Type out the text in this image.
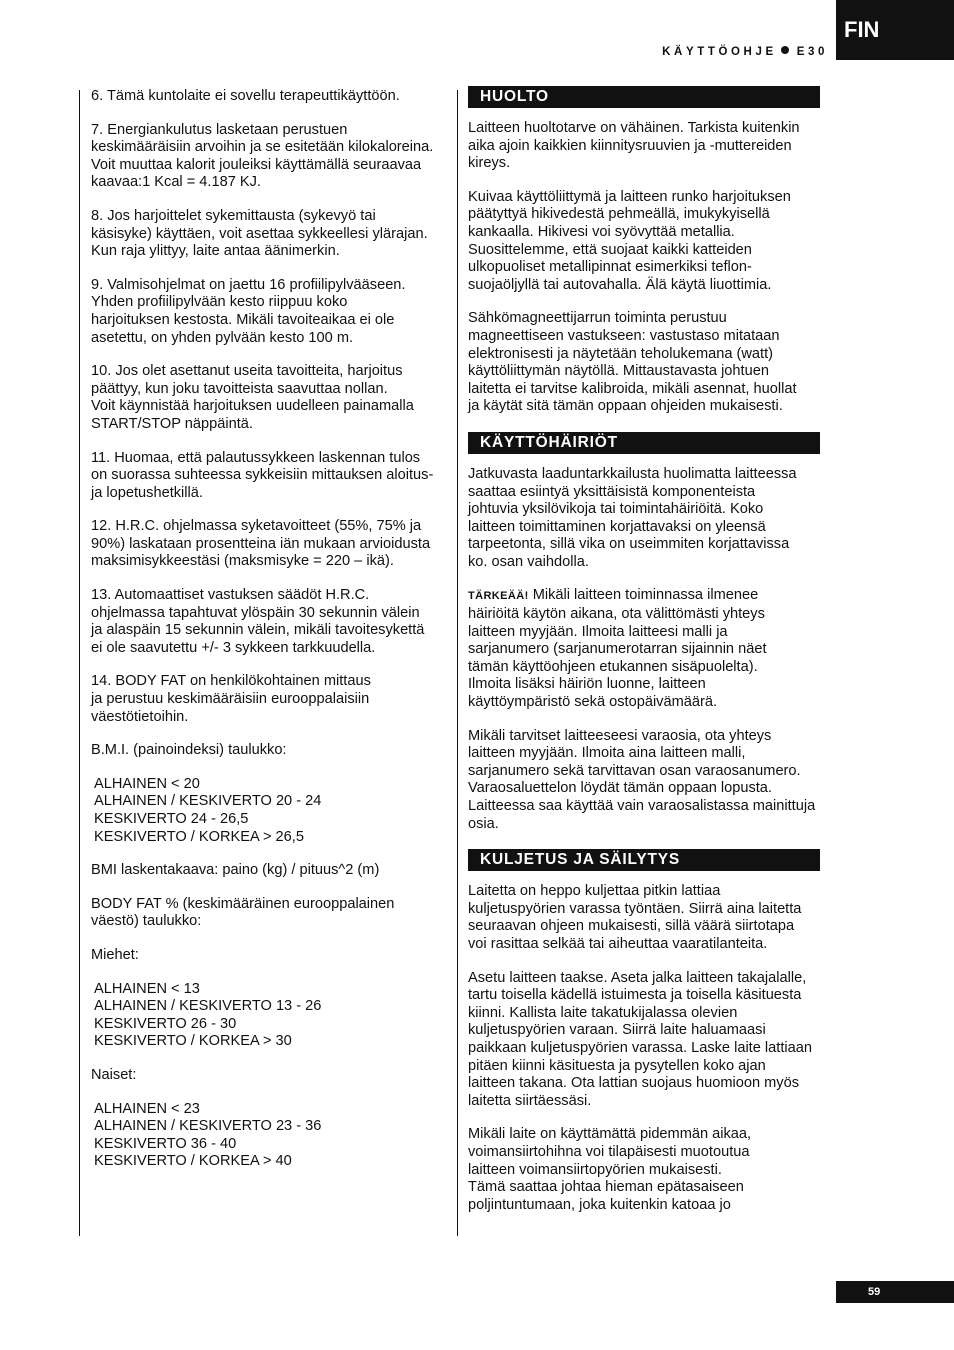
FIN
KÄYTTÖOHJE E30

6. Tämä kuntolaite ei sovellu terapeuttikäyttöön.

7. Energiankulutus lasketaan perustuen
keskimääräisiin arvoihin ja se esitetään kilokaloreina.
Voit muuttaa kalorit jouleiksi käyttämällä seuraavaa
kaavaa:1 Kcal = 4.187 KJ.

8. Jos harjoittelet sykemittausta (sykevyö tai
käsisyke) käyttäen, voit asettaa sykkeellesi ylärajan.
Kun raja ylittyy, laite antaa äänimerkin.

9. Valmisohjelmat on jaettu 16 profiilipylvääseen.
Yhden profiilipylvään kesto riippuu koko
harjoituksen kestosta. Mikäli tavoiteaikaa ei ole
asetettu, on yhden pylvään kesto 100 m.

10. Jos olet asettanut useita tavoitteita, harjoitus
päättyy, kun joku tavoitteista saavuttaa nollan.
Voit käynnistää harjoituksen uudelleen painamalla
START/STOP näppäintä.

11. Huomaa, että palautussykkeen laskennan tulos
on suorassa suhteessa sykkeisiin mittauksen aloitus-
ja lopetushetkillä.

12. H.R.C. ohjelmassa syketavoitteet (55%, 75% ja
90%) laskataan prosentteina iän mukaan arvioidusta
maksimisykkeestäsi (maksmisyke = 220 – ikä).

13. Automaattiset vastuksen säädöt H.R.C.
ohjelmassa tapahtuvat ylöspäin 30 sekunnin välein
ja alaspäin 15 sekunnin välein, mikäli tavoitesykettä
ei ole saavutettu +/- 3 sykkeen tarkkuudella.

14. BODY FAT on henkilökohtainen mittaus
ja perustuu keskimääräisiin eurooppalaisiin
väestötietoihin.

B.M.I. (painoindeksi) taulukko:

ALHAINEN < 20
ALHAINEN / KESKIVERTO 20 - 24
KESKIVERTO 24 - 26,5
KESKIVERTO / KORKEA > 26,5

BMI laskentakaava: paino (kg) / pituus^2 (m)

BODY FAT % (keskimääräinen eurooppalainen
väestö) taulukko:

Miehet:

ALHAINEN < 13
ALHAINEN / KESKIVERTO 13 - 26
KESKIVERTO 26 - 30
KESKIVERTO / KORKEA > 30

Naiset:

ALHAINEN < 23
ALHAINEN / KESKIVERTO 23 - 36
KESKIVERTO 36 - 40
KESKIVERTO / KORKEA > 40

HUOLTO

Laitteen huoltotarve on vähäinen. Tarkista kuitenkin
aika ajoin kaikkien kiinnitysruuvien ja -muttereiden
kireys.

Kuivaa käyttöliittymä ja laitteen runko harjoituksen
päätyttyä hikivedestä pehmeällä, imukykyisellä
kankaalla. Hikivesi voi syövyttää metallia.
Suosittelemme, että suojaat kaikki katteiden
ulkopuoliset metallipinnat esimerkiksi teflon-
suojaöljyllä tai autovahalla. Älä käytä liuottimia.

Sähkömagneettijarrun toiminta perustuu
magneettiseen vastukseen: vastustaso mitataan
elektronisesti ja näytetään teholukemana (watt)
käyttöliittymän näytöllä. Mittaustavasta johtuen
laitetta ei tarvitse kalibroida, mikäli asennat, huollat
ja käytät sitä tämän oppaan ohjeiden mukaisesti.

KÄYTTÖHÄIRIÖT

Jatkuvasta laaduntarkkailusta huolimatta laitteessa
saattaa esiintyä yksittäisistä komponenteista
johtuvia yksilövikoja tai toimintahäiriöitä. Koko
laitteen toimittaminen korjattavaksi on yleensä
tarpeetonta, sillä vika on useimmiten korjattavissa
ko. osan vaihdolla.

TÄRKEÄÄ! Mikäli laitteen toiminnassa ilmenee
häiriöitä käytön aikana, ota välittömästi yhteys
laitteen myyjään. Ilmoita laitteesi malli ja
sarjanumero (sarjanumerotarran sijainnin näet
tämän käyttöohjeen etukannen sisäpuolelta).
Ilmoita lisäksi häiriön luonne, laitteen
käyttöympäristö sekä ostopäivämäärä.

Mikäli tarvitset laitteeseesi varaosia, ota yhteys
laitteen myyjään. Ilmoita aina laitteen malli,
sarjanumero sekä tarvittavan osan varaosanumero.
Varaosaluettelon löydät tämän oppaan lopusta.
Laitteessa saa käyttää vain varaosalistassa mainittuja
osia.

KULJETUS JA SÄILYTYS

Laitetta on heppo kuljettaa pitkin lattiaa
kuljetuspyörien varassa työntäen. Siirrä aina laitetta
seuraavan ohjeen mukaisesti, sillä väärä siirtotapa
voi rasittaa selkää tai aiheuttaa vaaratilanteita.

Asetu laitteen taakse. Aseta jalka laitteen takajalalle,
tartu toisella kädellä istuimesta ja toisella käsituesta
kiinni. Kallista laite takatukijalassa olevien
kuljetuspyörien varaan. Siirrä laite haluamaasi
paikkaan kuljetuspyörien varassa. Laske laite lattiaan
pitäen kiinni käsituesta ja pysytellen koko ajan
laitteen takana. Ota lattian suojaus huomioon myös
laitetta siirtäessäsi.

Mikäli laite on käyttämättä pidemmän aikaa,
voimansiirtohihna voi tilapäisesti muotoutua
laitteen voimansiirtopyörien mukaisesti.
Tämä saattaa johtaa hieman epätasaiseen
poljintuntumaan, joka kuitenkin katoaa jo

59
